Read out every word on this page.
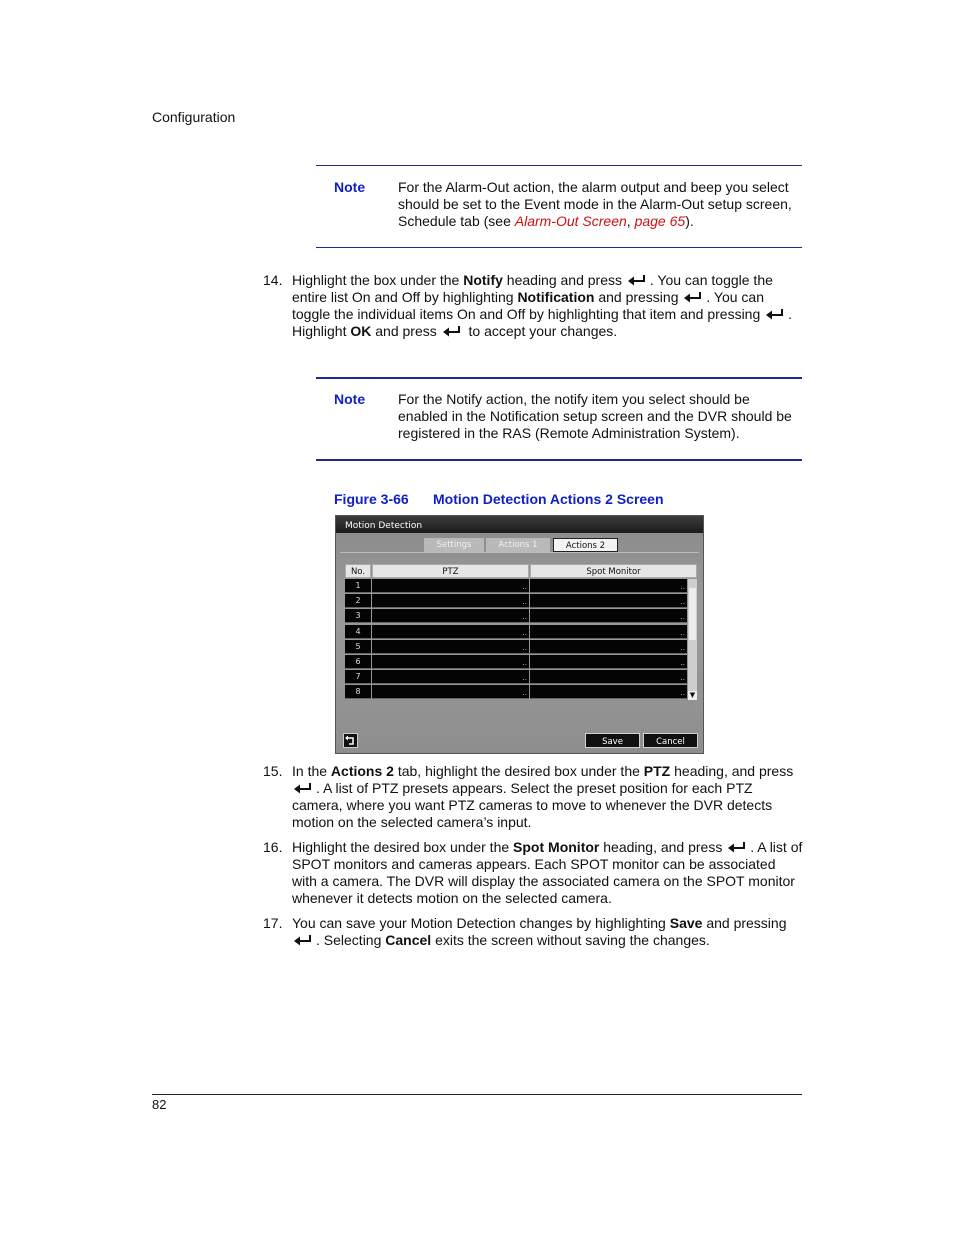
Configuration
Note For the Alarm-Out action, the alarm output and beep you select should be set to the Event mode in the Alarm-Out setup screen, Schedule tab (see Alarm-Out Screen, page 65).
14. Highlight the box under the Notify heading and press . You can toggle the entire list On and Off by highlighting Notification and pressing . You can toggle the individual items On and Off by highlighting that item and pressing . Highlight OK and press  to accept your changes.
Note For the Notify action, the notify item you select should be enabled in the Notification setup screen and the DVR should be registered in the RAS (Remote Administration System).
Figure 3-66 Motion Detection Actions 2 Screen
Motion Detection
Settings	Actions 1	Actions 2
No.	PTZ	..	Spot Monitor	..
1	..	..
2	..	..
3	..	..
4	..	..
5	..	..
6	..	..
7	..	..
8	..	.. ▼
Save	Cancel
15. In the Actions 2 tab, highlight the desired box under the PTZ heading, and press . A list of PTZ presets appears. Select the preset position for each PTZ camera, where you want PTZ cameras to move to whenever the DVR detects motion on the selected camera’s input.
16. Highlight the desired box under the Spot Monitor heading, and press . A list of SPOT monitors and cameras appears. Each SPOT monitor can be associated with a camera. The DVR will display the associated camera on the SPOT monitor whenever it detects motion on the selected camera.
17. You can save your Motion Detection changes by highlighting Save and pressing . Selecting Cancel exits the screen without saving the changes.
82
